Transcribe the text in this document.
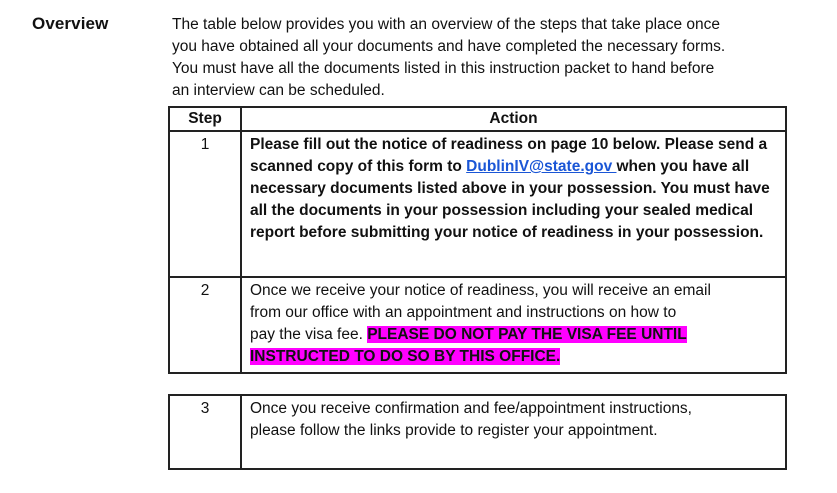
Overview	The table below provides you with an overview of the steps that take place once
you have obtained all your documents and have completed the necessary forms.
You must have all the documents listed in this instruction packet to hand before
an interview can be scheduled.
Step	Action
1	Please fill out the notice of readiness on page 10 below. Please send a
scanned copy of this form to DublinIV@state.gov when you have all
necessary documents listed above in your possession. You must have
all the documents in your possession including your sealed medical
report before submitting your notice of readiness in your possession.

2	Once we receive your notice of readiness, you will receive an email
from our office with an appointment and instructions on how to
pay the visa fee. PLEASE DO NOT PAY THE VISA FEE UNTIL
INSTRUCTED TO DO SO BY THIS OFFICE.
3	Once you receive confirmation and fee/appointment instructions,
please follow the links provide to register your appointment.
